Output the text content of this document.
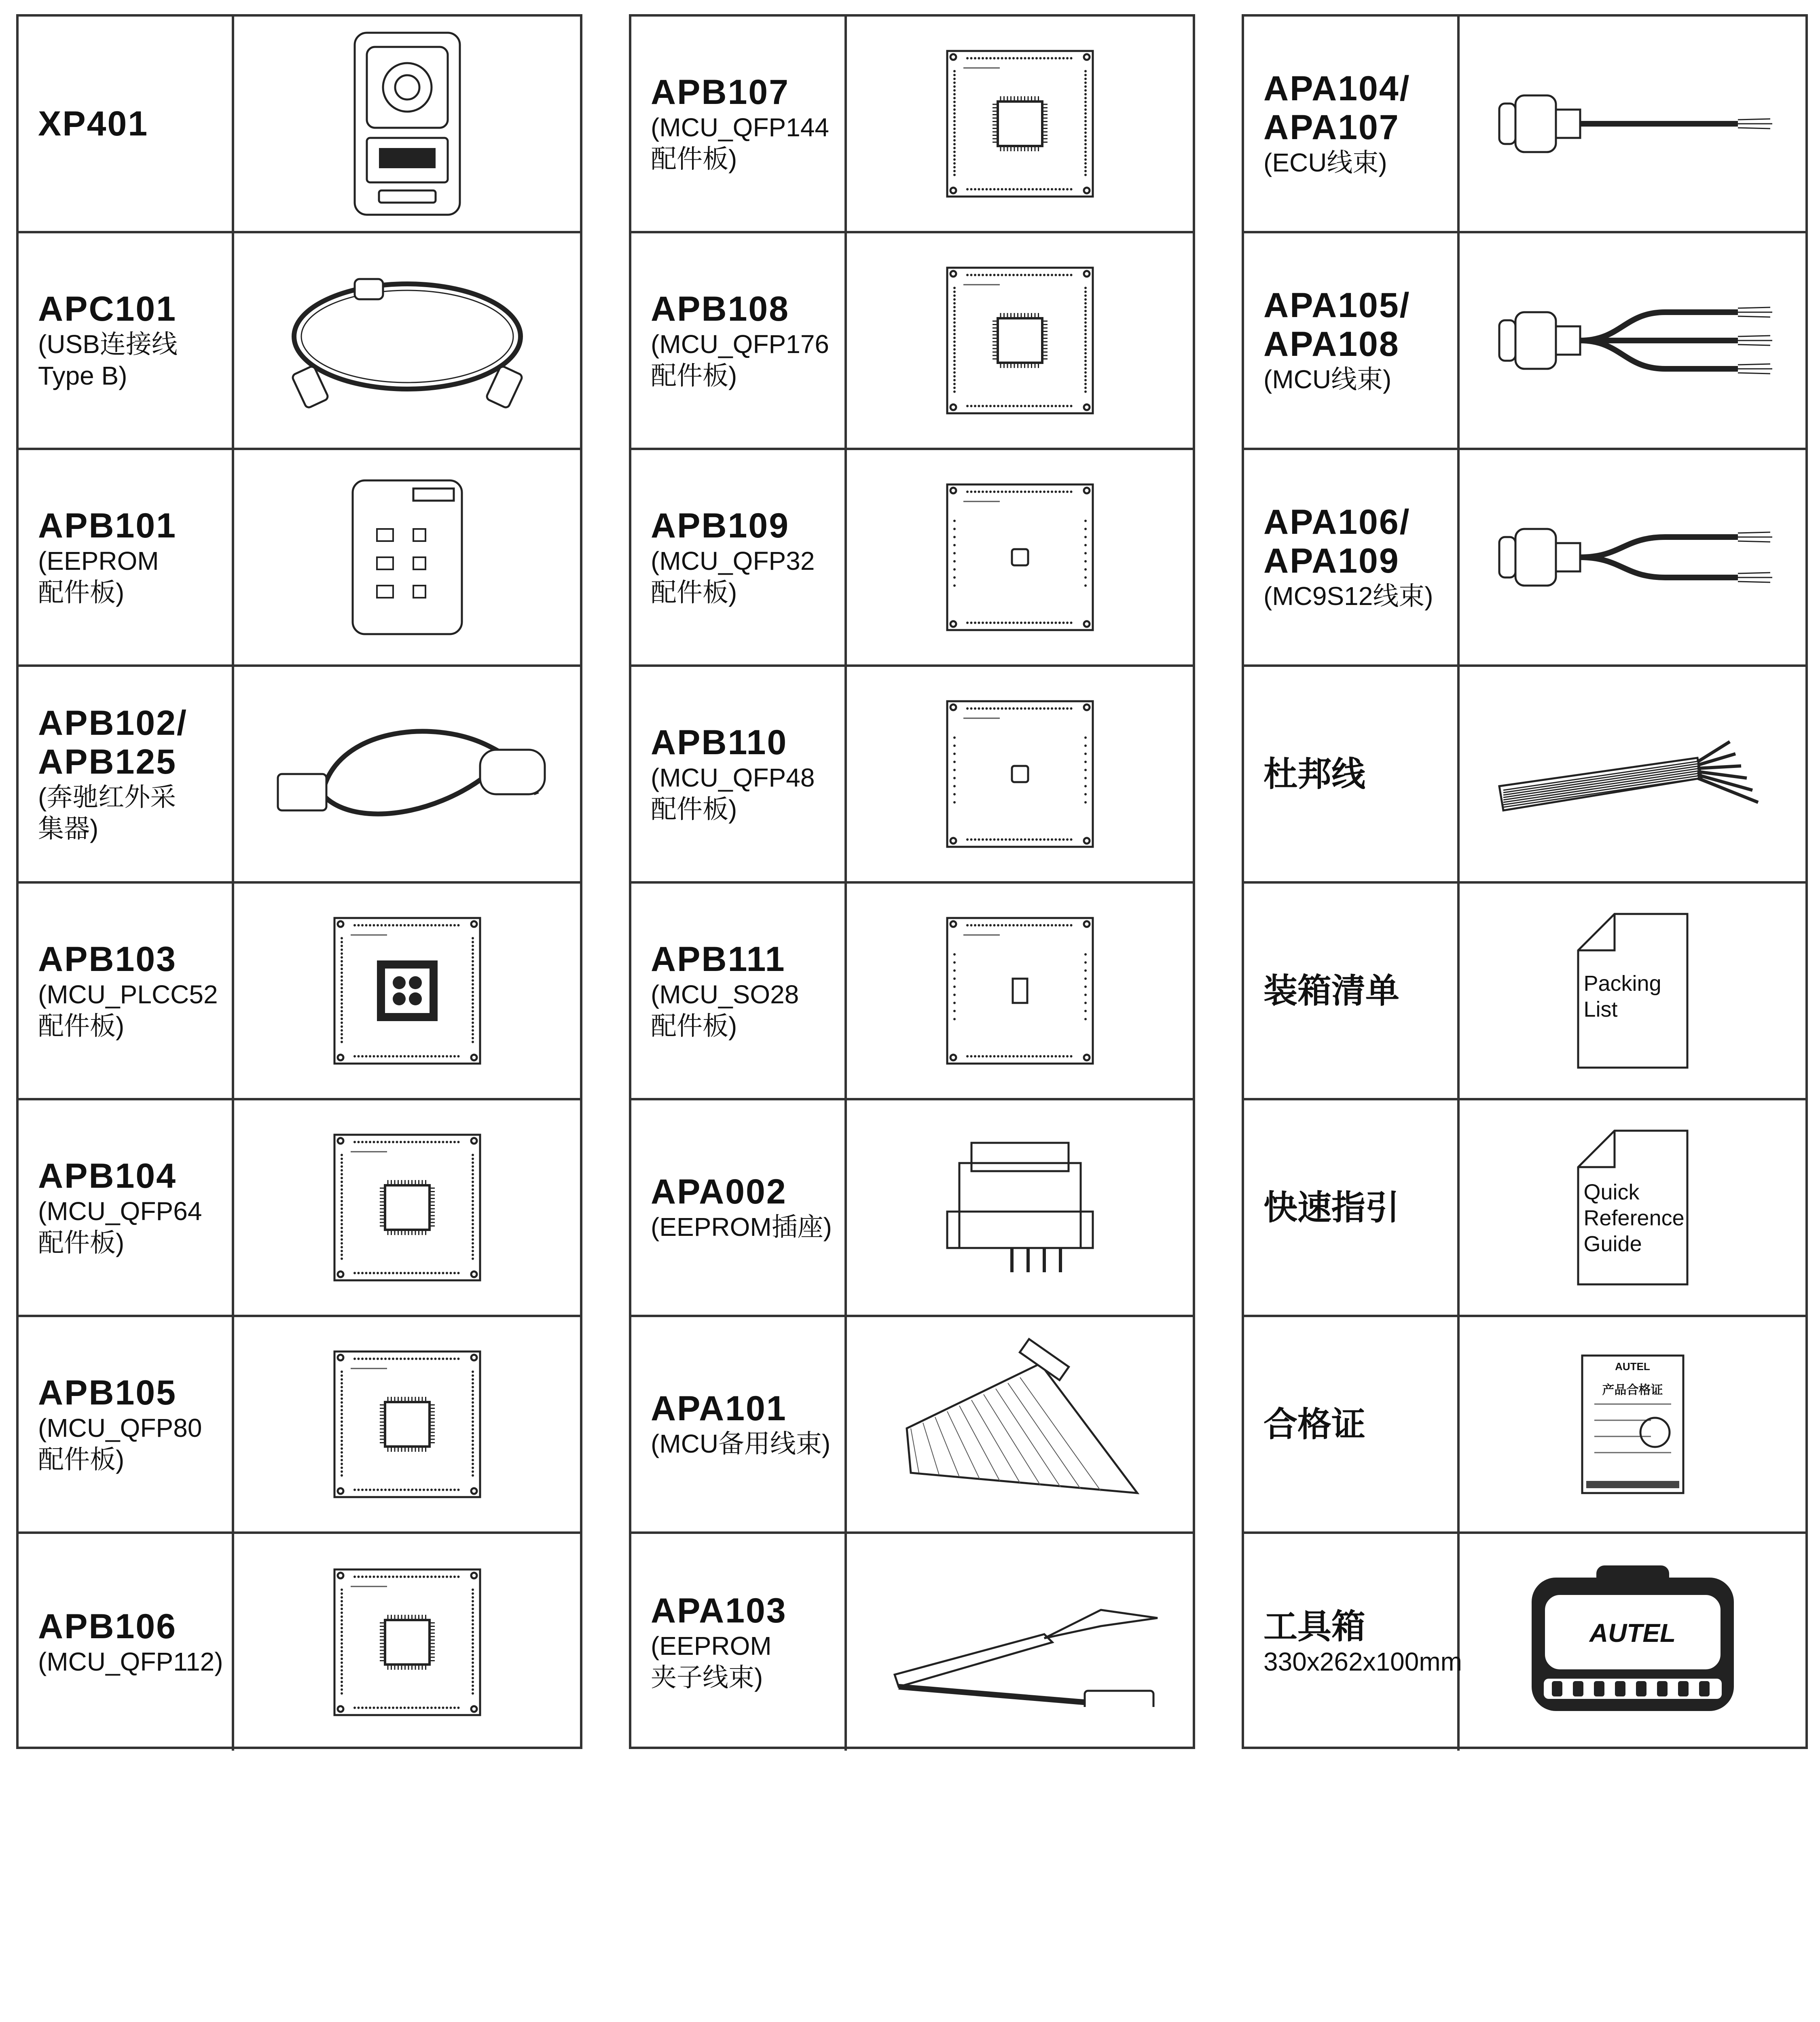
XP401
APC101
(USB连接线
Type B)
APB101
(EEPROM
配件板)
APB102/
APB125
(奔驰红外采
集器)
APB103
(MCU_PLCC52
配件板)
APB104
(MCU_QFP64
配件板)
APB105
(MCU_QFP80
配件板)
APB106
(MCU_QFP112)
APB107
(MCU_QFP144
配件板)
APB108
(MCU_QFP176
配件板)
APB109
(MCU_QFP32
配件板)
APB110
(MCU_QFP48
配件板)
APB111
(MCU_SO28
配件板)
APA002
(EEPROM插座)
APA101
(MCU备用线束)
APA103
(EEPROM
夹子线束)
APA104/
APA107
(ECU线束)
APA105/
APA108
(MCU线束)
APA106/
APA109
(MC9S12线束)
杜邦线
装箱清单	Packing
List
快速指引	Quick
Reference
Guide
合格证
AUTEL
产品合格证
工具箱
330x262x100mm
AUTEL
